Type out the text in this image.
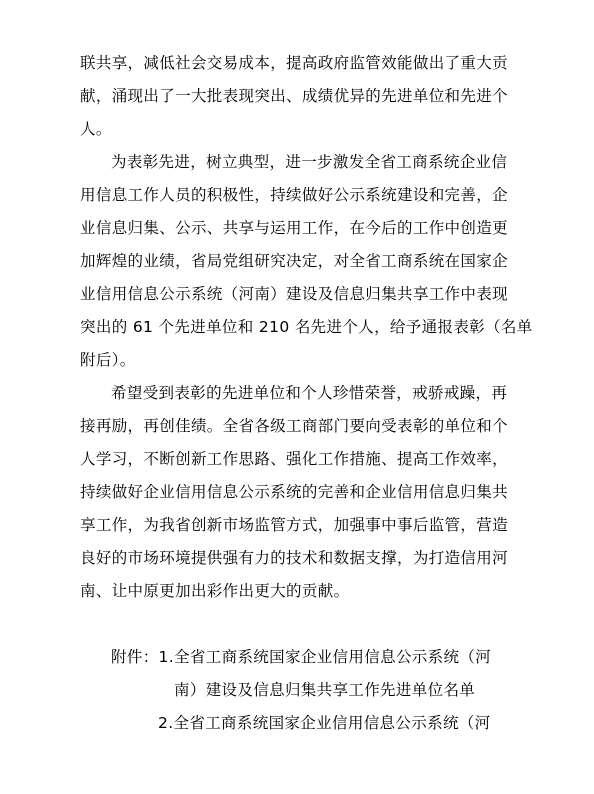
联共享，减低社会交易成本，提高政府监管效能做出了重大贡
献，涌现出了一大批表现突出、成绩优异的先进单位和先进个
人。
为表彰先进，树立典型，进一步激发全省工商系统企业信
用信息工作人员的积极性，持续做好公示系统建设和完善，企
业信息归集、公示、共享与运用工作，在今后的工作中创造更
加辉煌的业绩，省局党组研究决定，对全省工商系统在国家企
业信用信息公示系统（河南）建设及信息归集共享工作中表现
突出的 61 个先进单位和 210 名先进个人，给予通报表彰（名单
附后）。
希望受到表彰的先进单位和个人珍惜荣誉，戒骄戒躁，再
接再励，再创佳绩。全省各级工商部门要向受表彰的单位和个
人学习，不断创新工作思路、强化工作措施、提高工作效率，
持续做好企业信用信息公示系统的完善和企业信用信息归集共
享工作，为我省创新市场监管方式，加强事中事后监管，营造
良好的市场环境提供强有力的技术和数据支撑，为打造信用河
南、让中原更加出彩作出更大的贡献。
附件：1.全省工商系统国家企业信用信息公示系统（河
南）建设及信息归集共享工作先进单位名单
2.全省工商系统国家企业信用信息公示系统（河
